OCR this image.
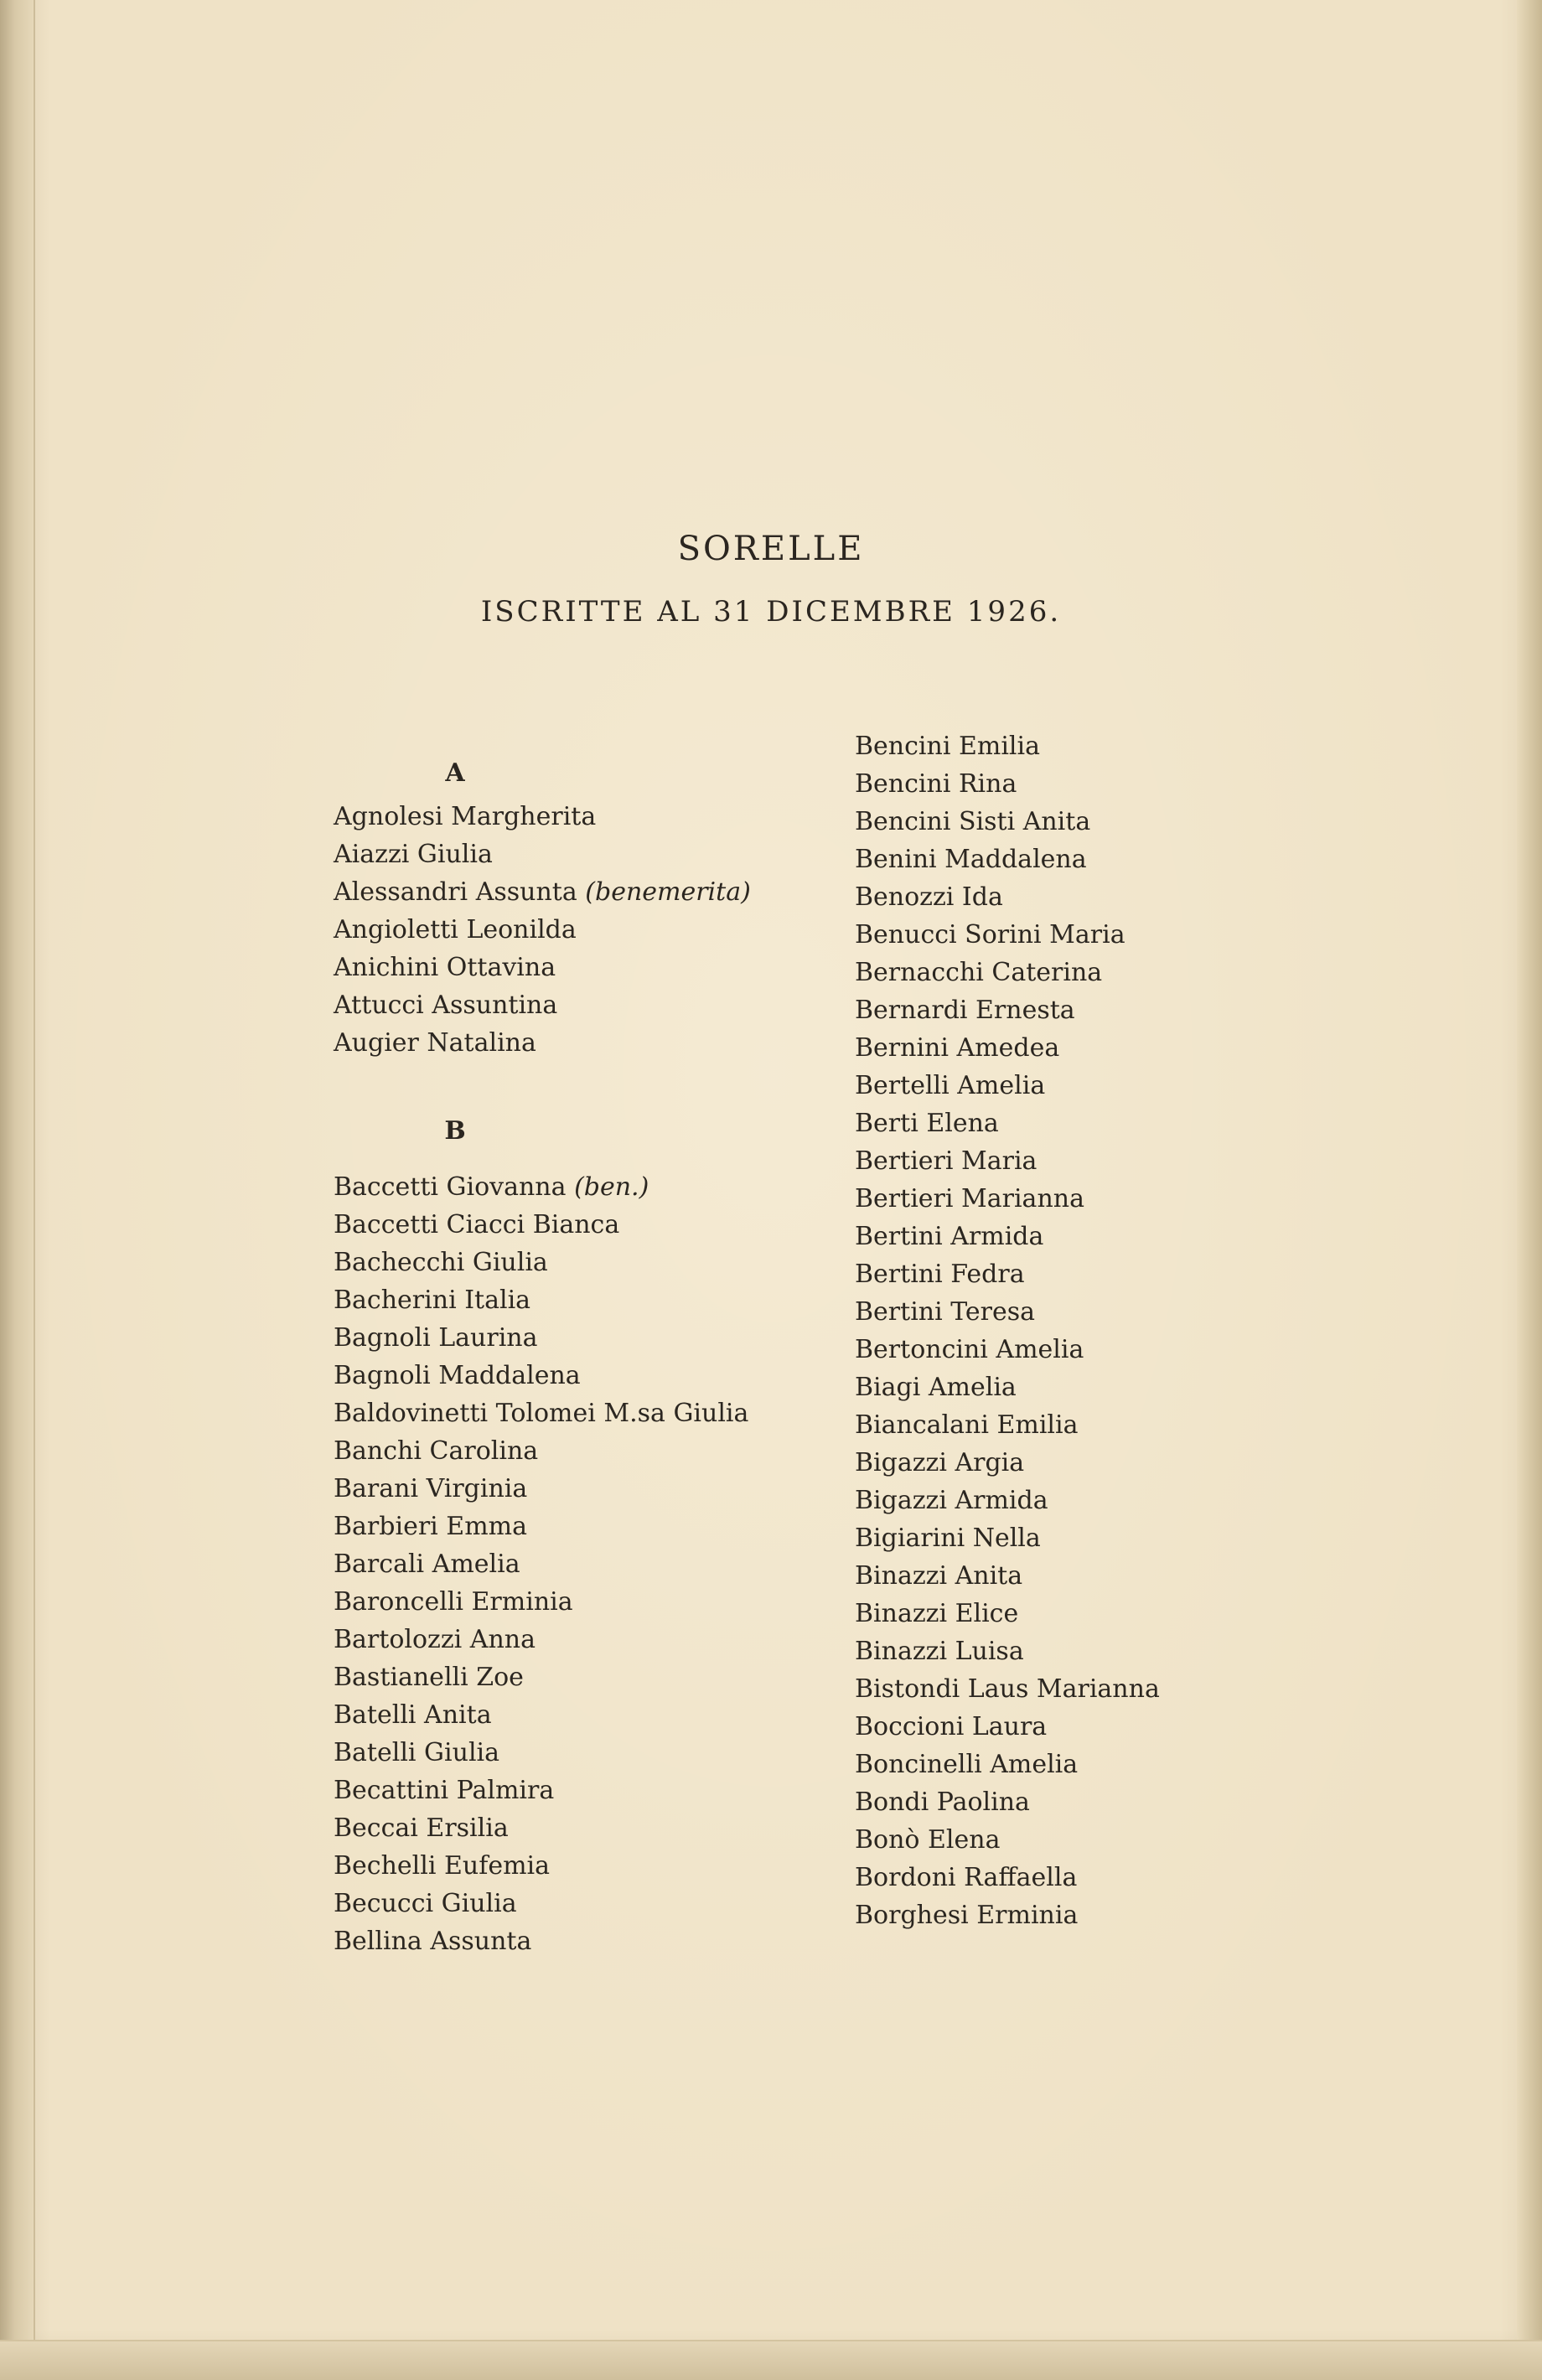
SORELLE
ISCRITTE AL 31 DICEMBRE 1926.
A
Agnolesi Margherita
Aiazzi Giulia
Alessandri Assunta (benemerita)
Angioletti Leonilda
Anichini Ottavina
Attucci Assuntina
Augier Natalina
B
Baccetti Giovanna (ben.)
Baccetti Ciacci Bianca
Bachecchi Giulia
Bacherini Italia
Bagnoli Laurina
Bagnoli Maddalena
Baldovinetti Tolomei M.sa Giulia
Banchi Carolina
Barani Virginia
Barbieri Emma
Barcali Amelia
Baroncelli Erminia
Bartolozzi Anna
Bastianelli Zoe
Batelli Anita
Batelli Giulia
Becattini Palmira
Beccai Ersilia
Bechelli Eufemia
Becucci Giulia
Bellina Assunta
Bencini Emilia
Bencini Rina
Bencini Sisti Anita
Benini Maddalena
Benozzi Ida
Benucci Sorini Maria
Bernacchi Caterina
Bernardi Ernesta
Bernini Amedea
Bertelli Amelia
Berti Elena
Bertieri Maria
Bertieri Marianna
Bertini Armida
Bertini Fedra
Bertini Teresa
Bertoncini Amelia
Biagi Amelia
Biancalani Emilia
Bigazzi Argia
Bigazzi Armida
Bigiarini Nella
Binazzi Anita
Binazzi Elice
Binazzi Luisa
Bistondi Laus Marianna
Boccioni Laura
Boncinelli Amelia
Bondi Paolina
Bonò Elena
Bordoni Raffaella
Borghesi Erminia
